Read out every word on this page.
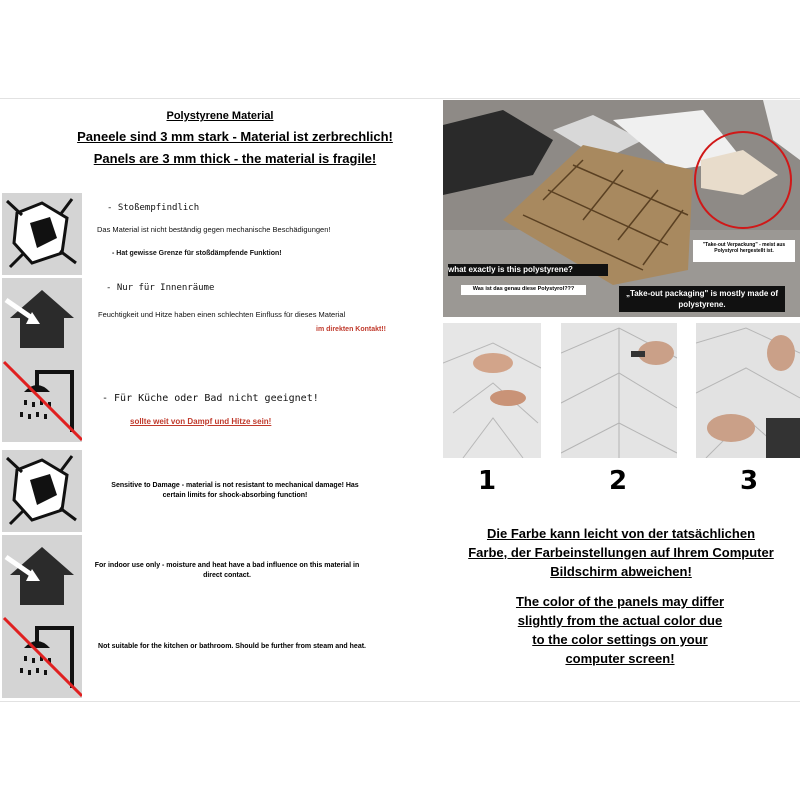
Polystyrene Material
Paneele sind 3 mm stark - Material ist zerbrechlich!
Panels are 3 mm thick - the material is fragile!
- Stoßempfindlich
Das Material ist nicht beständig gegen mechanische Beschädigungen!
- Hat gewisse Grenze für stoßdämpfende Funktion!
- Nur für Innenräume
Feuchtigkeit und Hitze haben einen schlechten Einfluss für dieses Material
im direkten Kontakt!!
- Für Küche oder Bad nicht geeignet!
sollte weit von Dampf und Hitze sein!
Sensitive to Damage - material is not resistant to mechanical damage! Has certain limits for shock-absorbing function!
For indoor use only - moisture and heat have a bad influence on this material in direct contact.
Not suitable for the kitchen or bathroom. Should be further from steam and heat.
what exactly is this polystyrene?
Was ist das genau diese Polystyrol???
"Take-out Verpackung" - meist aus Polystyrol hergestellt ist.
„Take-out packaging" is mostly made of polystyrene.
1	2	3
Die Farbe kann leicht von der tatsächlichen Farbe, der Farbeinstellungen auf Ihrem Computer Bildschirm abweichen!
The color of the panels may differ slightly from the actual color due to the color settings on your computer screen!
